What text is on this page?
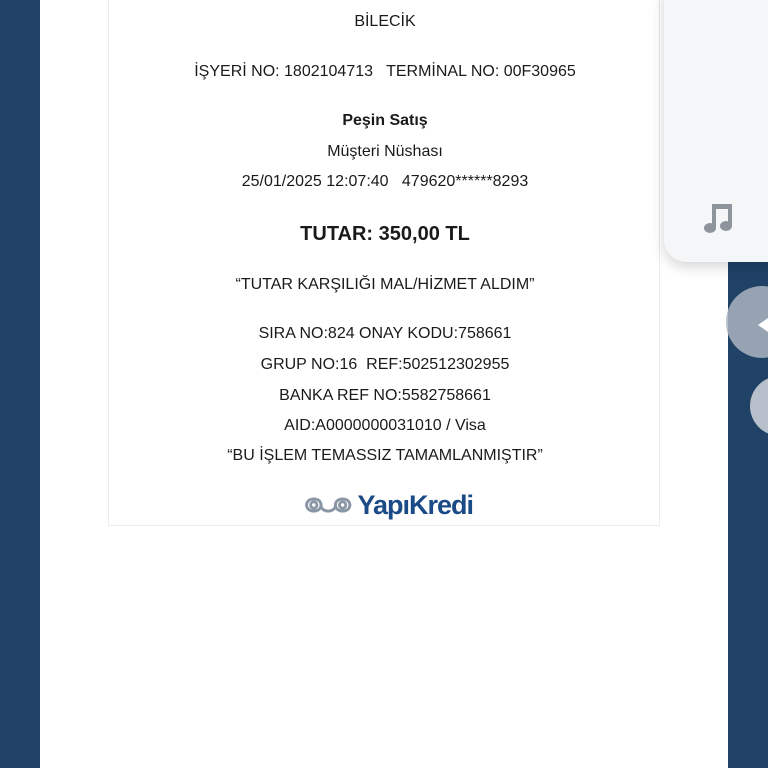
BİLECİK
İŞYERİ NO: 1802104713   TERMİNAL NO: 00F30965
Peşin Satış
Müşteri Nüshası
25/01/2025 12:07:40   479620******8293
TUTAR: 350,00 TL
“TUTAR KARŞILIĞI MAL/HİZMET ALDIM”
SIRA NO:824 ONAY KODU:758661
GRUP NO:16  REF:502512302955
BANKA REF NO:5582758661
AID:A0000000031010 / Visa
“BU İŞLEM TEMASSIZ TAMAMLANMIŞTIR”
YapıKredi
